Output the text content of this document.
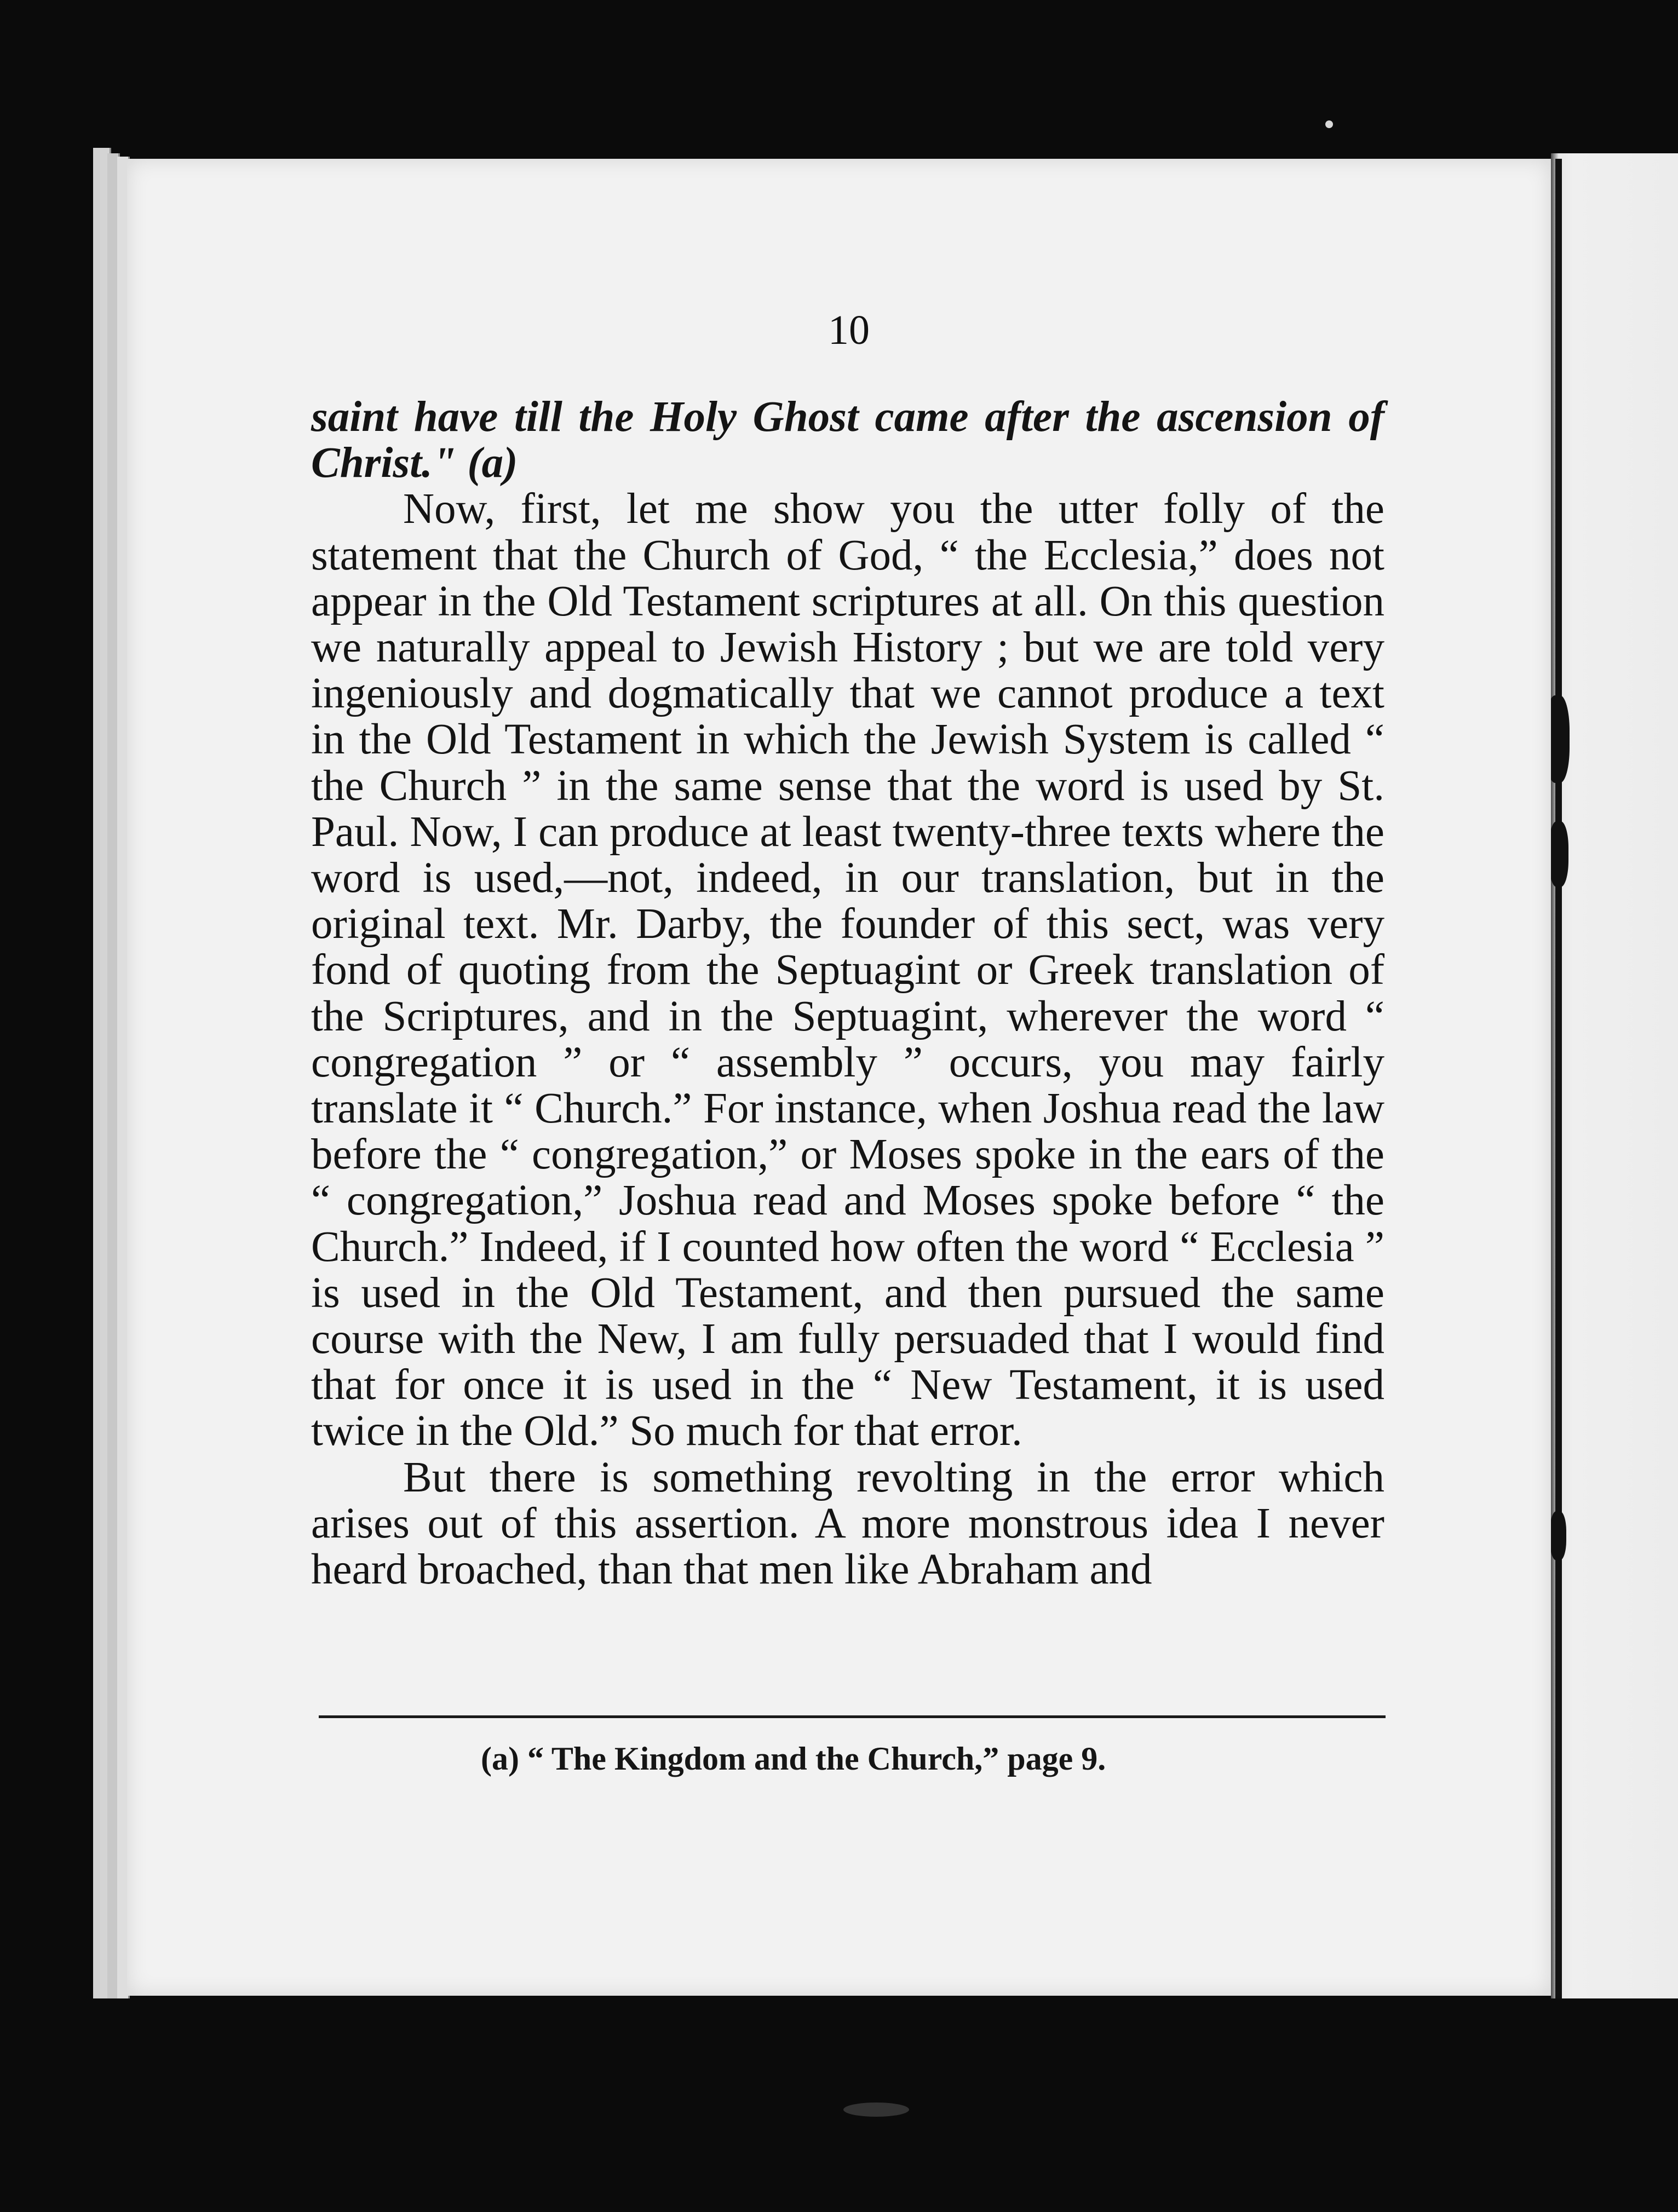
10

saint have till the Holy Ghost came after the ascension of Christ." (a)

Now, first, let me show you the utter folly of the statement that the Church of God, “ the Ecclesia,” does not appear in the Old Testament scriptures at all. On this question we naturally appeal to Jewish History ; but we are told very ingeniously and dogmatically that we cannot produce a text in the Old Testament in which the Jewish System is called “ the Church ” in the same sense that the word is used by St. Paul. Now, I can produce at least twenty-three texts where the word is used,—not, indeed, in our translation, but in the original text. Mr. Darby, the founder of this sect, was very fond of quoting from the Septuagint or Greek translation of the Scriptures, and in the Septuagint, wherever the word “ congregation ” or “ assembly ” occurs, you may fairly translate it “ Church.” For instance, when Joshua read the law before the “ congregation,” or Moses spoke in the ears of the “ congregation,” Joshua read and Moses spoke before “ the Church.” Indeed, if I counted how often the word “ Ecclesia ” is used in the Old Testament, and then pursued the same course with the New, I am fully persuaded that I would find that for once it is used in the “ New Testament, it is used twice in the Old.” So much for that error.

But there is something revolting in the error which arises out of this assertion. A more monstrous idea I never heard broached, than that men like Abraham and

(a) “ The Kingdom and the Church,” page 9.
